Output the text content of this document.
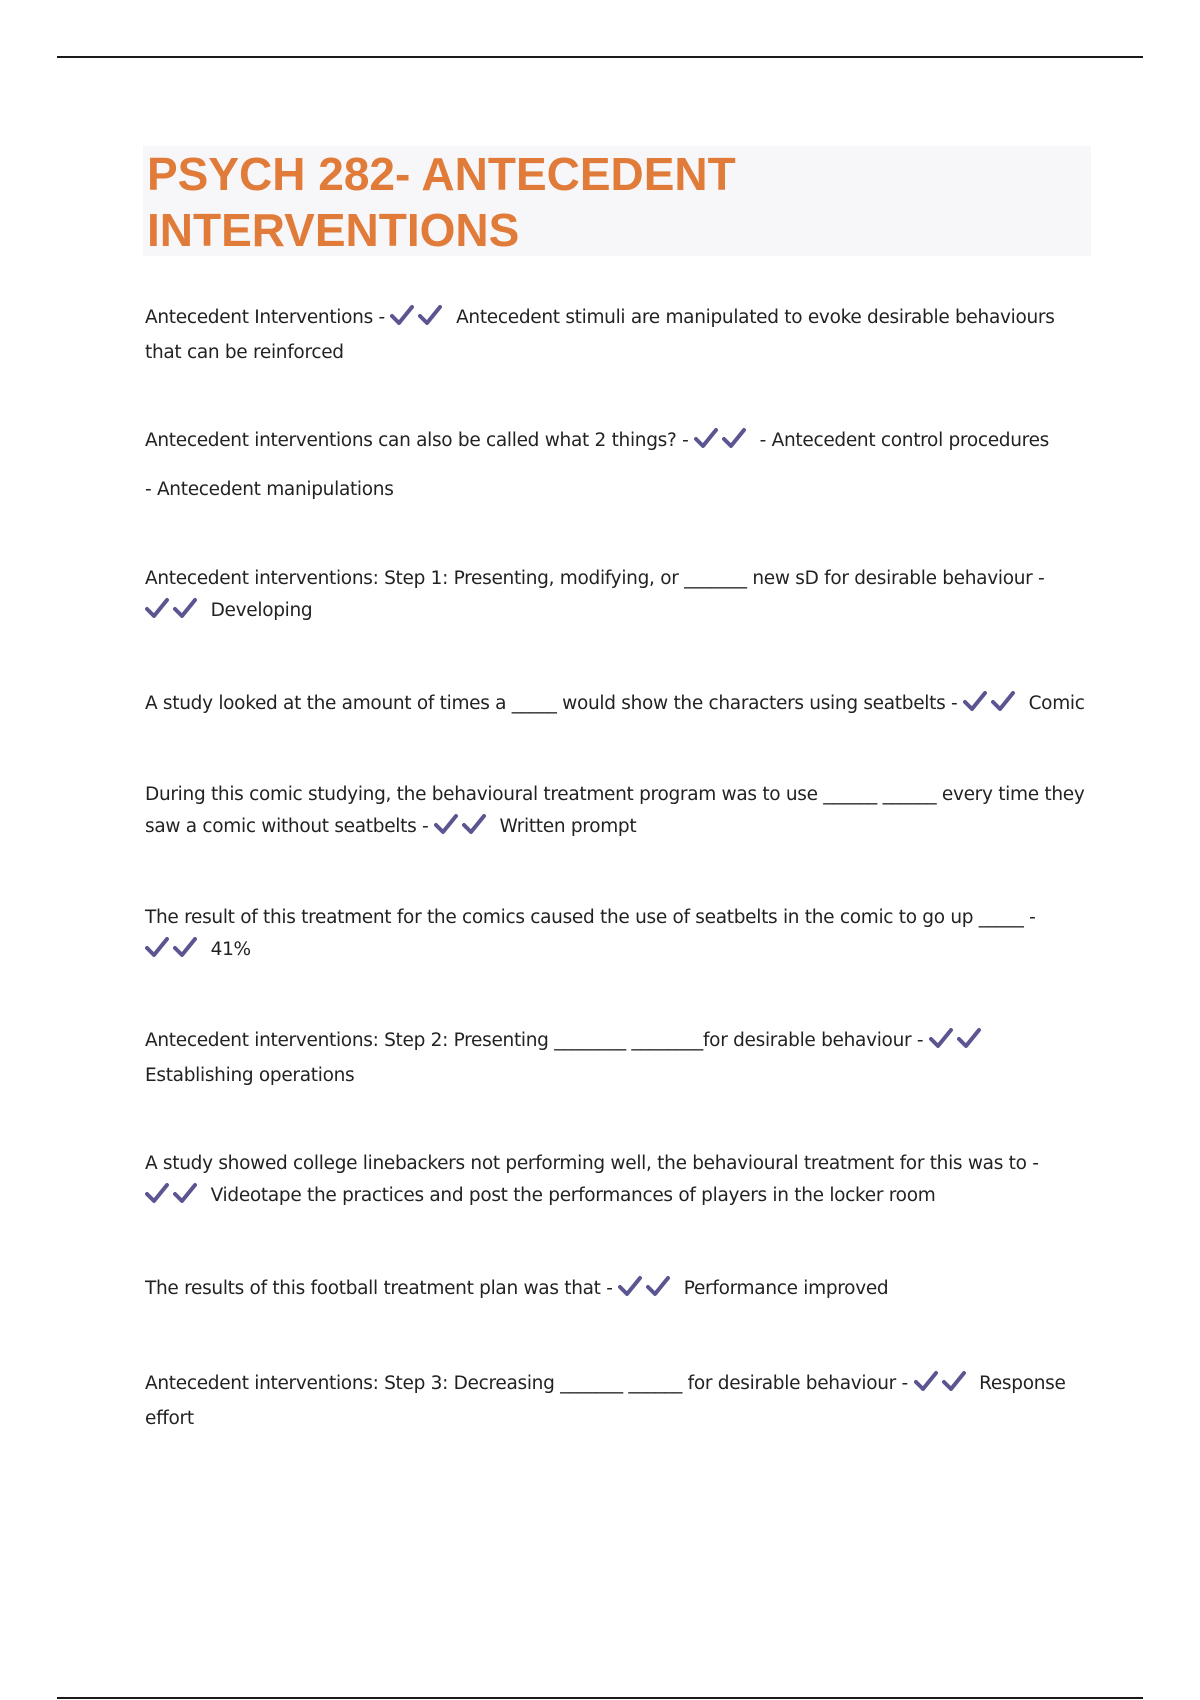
PSYCH 282- ANTECEDENT
INTERVENTIONS
Antecedent Interventions -	Antecedent stimuli are manipulated to evoke desirable behaviours that can be reinforced
Antecedent interventions can also be called what 2 things? -	- Antecedent control procedures
- Antecedent manipulations
Antecedent interventions: Step 1: Presenting, modifying, or _______ new sD for desirable behaviour -
Developing
A study looked at the amount of times a _____ would show the characters using seatbelts -	Comic
During this comic studying, the behavioural treatment program was to use ______ ______ every time they saw a comic without seatbelts -	Written prompt
The result of this treatment for the comics caused the use of seatbelts in the comic to go up _____ -
41%
Antecedent interventions: Step 2: Presenting ________ ________for desirable behaviour -
Establishing operations
A study showed college linebackers not performing well, the behavioural treatment for this was to -
Videotape the practices and post the performances of players in the locker room
The results of this football treatment plan was that -	Performance improved
Antecedent interventions: Step 3: Decreasing _______ ______ for desirable behaviour -	Response effort
